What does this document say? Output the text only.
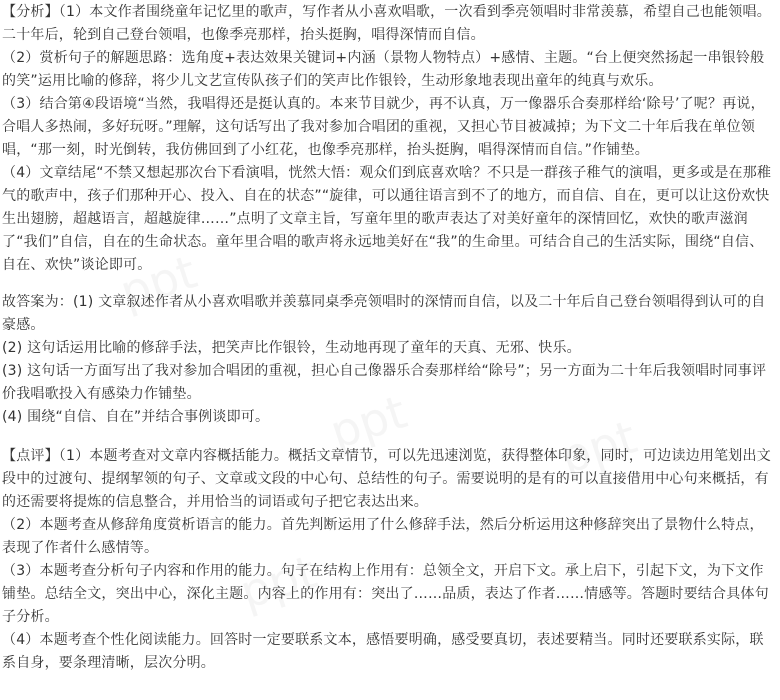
ppt
ppt	ppt
ppt

【分析】（1）本文作者围绕童年记忆里的歌声，写作者从小喜欢唱歌，一次看到季亮领唱时非常羡慕，希望自己也能领唱。二十年后，轮到自己登台领唱，也像季亮那样，抬头挺胸，唱得深情而自信。

（2）赏析句子的解题思路：选角度+表达效果关键词+内涵（景物人物特点）+感情、主题。“台上便突然扬起一串银铃般的笑”运用比喻的修辞，将少儿文艺宣传队孩子们的笑声比作银铃，生动形象地表现出童年的纯真与欢乐。

（3）结合第④段语境“当然，我唱得还是挺认真的。本来节目就少，再不认真，万一像器乐合奏那样给‘除号’了呢？再说，合唱人多热闹，多好玩呀。”理解，这句话写出了我对参加合唱团的重视，又担心节目被减掉；为下文二十年后我在单位领唱，“那一刻，时光倒转，我仿佛回到了小红花，也像季亮那样，抬头挺胸，唱得深情而自信。”作铺垫。

（4）文章结尾“不禁又想起那次台下看演唱，恍然大悟：观众们到底喜欢啥？不只是一群孩子稚气的演唱，更多或是在那稚气的歌声中，孩子们那种开心、投入、自在的状态”“旋律，可以通往语言到不了的地方，而自信、自在，更可以让这份欢快生出翅膀，超越语言，超越旋律……”点明了文章主旨，写童年里的歌声表达了对美好童年的深情回忆，欢快的歌声滋润了“我们”自信，自在的生命状态。童年里合唱的歌声将永远地美好在“我”的生命里。可结合自己的生活实际，围绕“自信、自在、欢快”谈论即可。

故答案为：(1) 文章叙述作者从小喜欢唱歌并羡慕同桌季亮领唱时的深情而自信，以及二十年后自己登台领唱得到认可的自豪感。

(2) 这句话运用比喻的修辞手法，把笑声比作银铃，生动地再现了童年的天真、无邪、快乐。

(3) 这句话一方面写出了我对参加合唱团的重视，担心自己像器乐合奏那样给“除号”；另一方面为二十年后我领唱时同事评价我唱歌投入有感染力作铺垫。

(4) 围绕“自信、自在”并结合事例谈即可。

【点评】（1）本题考查对文章内容概括能力。概括文章情节，可以先迅速浏览，获得整体印象，同时，可边读边用笔划出文段中的过渡句、提纲挈领的句子、文章或文段的中心句、总结性的句子。需要说明的是有的可以直接借用中心句来概括，有的还需要将提炼的信息整合，并用恰当的词语或句子把它表达出来。

（2）本题考查从修辞角度赏析语言的能力。首先判断运用了什么修辞手法，然后分析运用这种修辞突出了景物什么特点，表现了作者什么感情等。

（3）本题考查分析句子内容和作用的能力。句子在结构上作用有：总领全文，开启下文。承上启下，引起下文，为下文作铺垫。总结全文，突出中心，深化主题。内容上的作用有：突出了……品质，表达了作者……情感等。答题时要结合具体句子分析。

（4）本题考查个性化阅读能力。回答时一定要联系文本，感悟要明确，感受要真切，表述要精当。同时还要联系实际，联系自身，要条理清晰，层次分明。
